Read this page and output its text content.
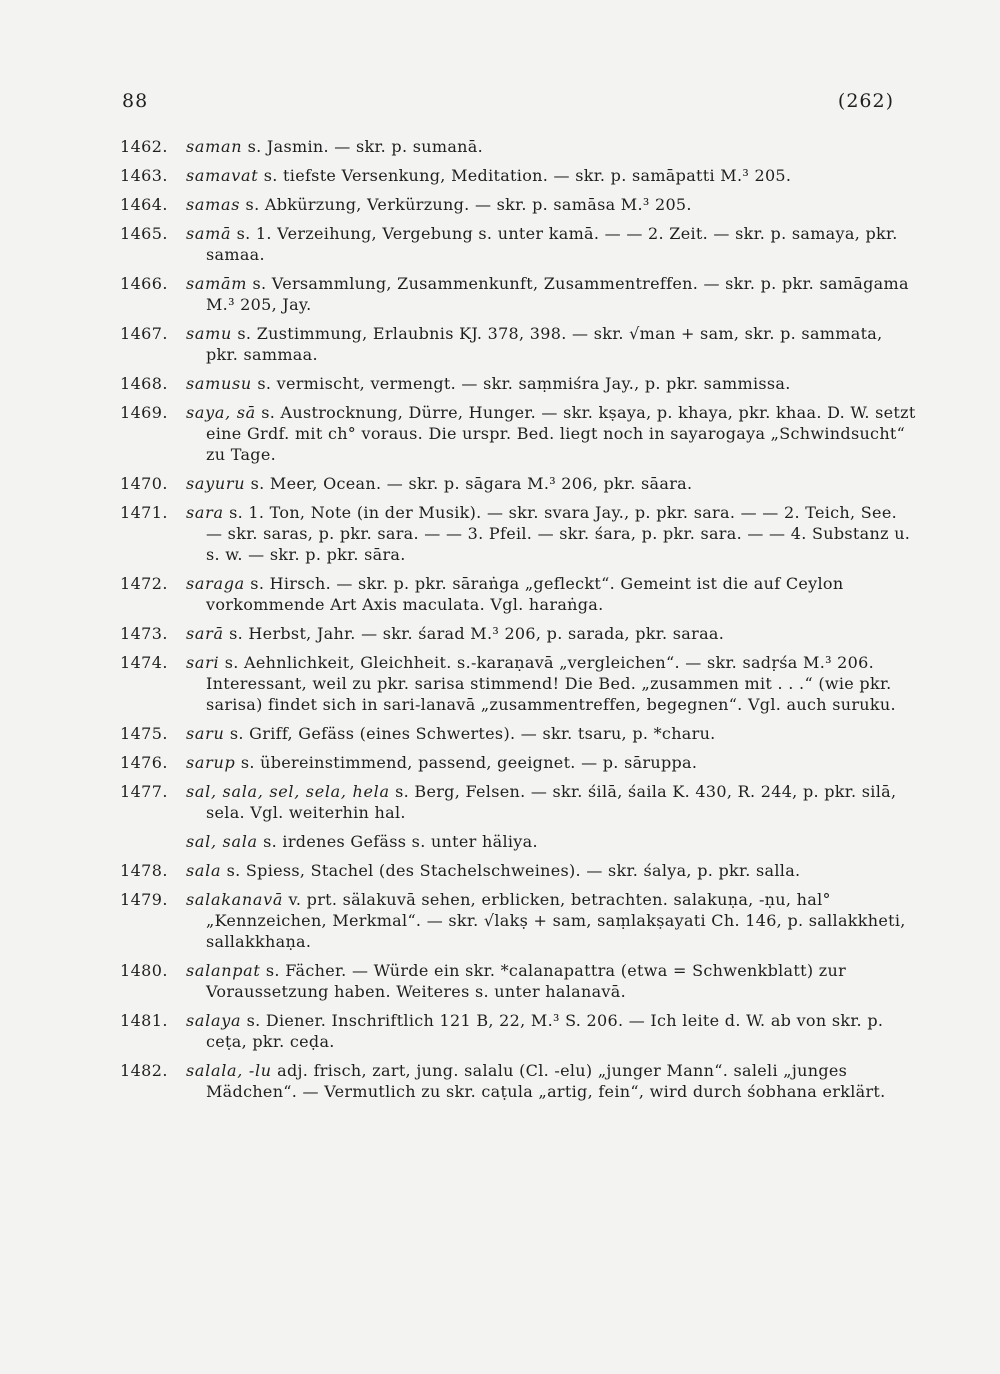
88	(262)
1462. saman s. Jasmin. — skr. p. sumanā.
1463. samavat s. tiefste Versenkung, Meditation. — skr. p. samāpatti M.³ 205.
1464. samas s. Abkürzung, Verkürzung. — skr. p. samāsa M.³ 205.
1465. samā s. 1. Verzeihung, Vergebung s. unter kamā. — — 2. Zeit. — skr. p. samaya, pkr. samaa.
1466. samām s. Versammlung, Zusammenkunft, Zusammentreffen. — skr. p. pkr. samāgama M.³ 205, Jay.
1467. samu s. Zustimmung, Erlaubnis KJ. 378, 398. — skr. √man + sam, skr. p. sammata, pkr. sammaa.
1468. samusu s. vermischt, vermengt. — skr. saṃmiśra Jay., p. pkr. sammissa.
1469. saya, sā s. Austrocknung, Dürre, Hunger. — skr. kṣaya, p. khaya, pkr. khaa. D. W. setzt eine Grdf. mit ch° voraus. Die urspr. Bed. liegt noch in sayarogaya „Schwindsucht“ zu Tage.
1470. sayuru s. Meer, Ocean. — skr. p. sāgara M.³ 206, pkr. sāara.
1471. sara s. 1. Ton, Note (in der Musik). — skr. svara Jay., p. pkr. sara. — — 2. Teich, See. — skr. saras, p. pkr. sara. — — 3. Pfeil. — skr. śara, p. pkr. sara. — — 4. Substanz u. s. w. — skr. p. pkr. sāra.
1472. saraga s. Hirsch. — skr. p. pkr. sāraṅga „gefleckt“. Gemeint ist die auf Ceylon vorkommende Art Axis maculata. Vgl. haraṅga.
1473. sarā s. Herbst, Jahr. — skr. śarad M.³ 206, p. sarada, pkr. saraa.
1474. sari s. Aehnlichkeit, Gleichheit. s.-karaṇavā „vergleichen“. — skr. sadṛśa M.³ 206. Interessant, weil zu pkr. sarisa stimmend! Die Bed. „zusammen mit . . .“ (wie pkr. sarisa) findet sich in sari-lanavā „zusammentreffen, begegnen“. Vgl. auch suruku.
1475. saru s. Griff, Gefäss (eines Schwertes). — skr. tsaru, p. *charu.
1476. sarup s. übereinstimmend, passend, geeignet. — p. sāruppa.
1477. sal, sala, sel, sela, hela s. Berg, Felsen. — skr. śilā, śaila K. 430, R. 244, p. pkr. silā, sela. Vgl. weiterhin hal.
sal, sala s. irdenes Gefäss s. unter häliya.
1478. sala s. Spiess, Stachel (des Stachelschweines). — skr. śalya, p. pkr. salla.
1479. salakanavā v. prt. sälakuvā sehen, erblicken, betrachten. salakuṇa, -ṇu, hal° „Kennzeichen, Merkmal“. — skr. √lakṣ + sam, saṃlakṣayati Ch. 146, p. sallakkheti, sallakkhaṇa.
1480. salanpat s. Fächer. — Würde ein skr. *calanapattra (etwa = Schwenkblatt) zur Voraussetzung haben. Weiteres s. unter halanavā.
1481. salaya s. Diener. Inschriftlich 121 B, 22, M.³ S. 206. — Ich leite d. W. ab von skr. p. ceṭa, pkr. ceḍa.
1482. salala, -lu adj. frisch, zart, jung. salalu (Cl. -elu) „junger Mann“. saleli „junges Mädchen“. — Vermutlich zu skr. caṭula „artig, fein“, wird durch śobhana erklärt.
